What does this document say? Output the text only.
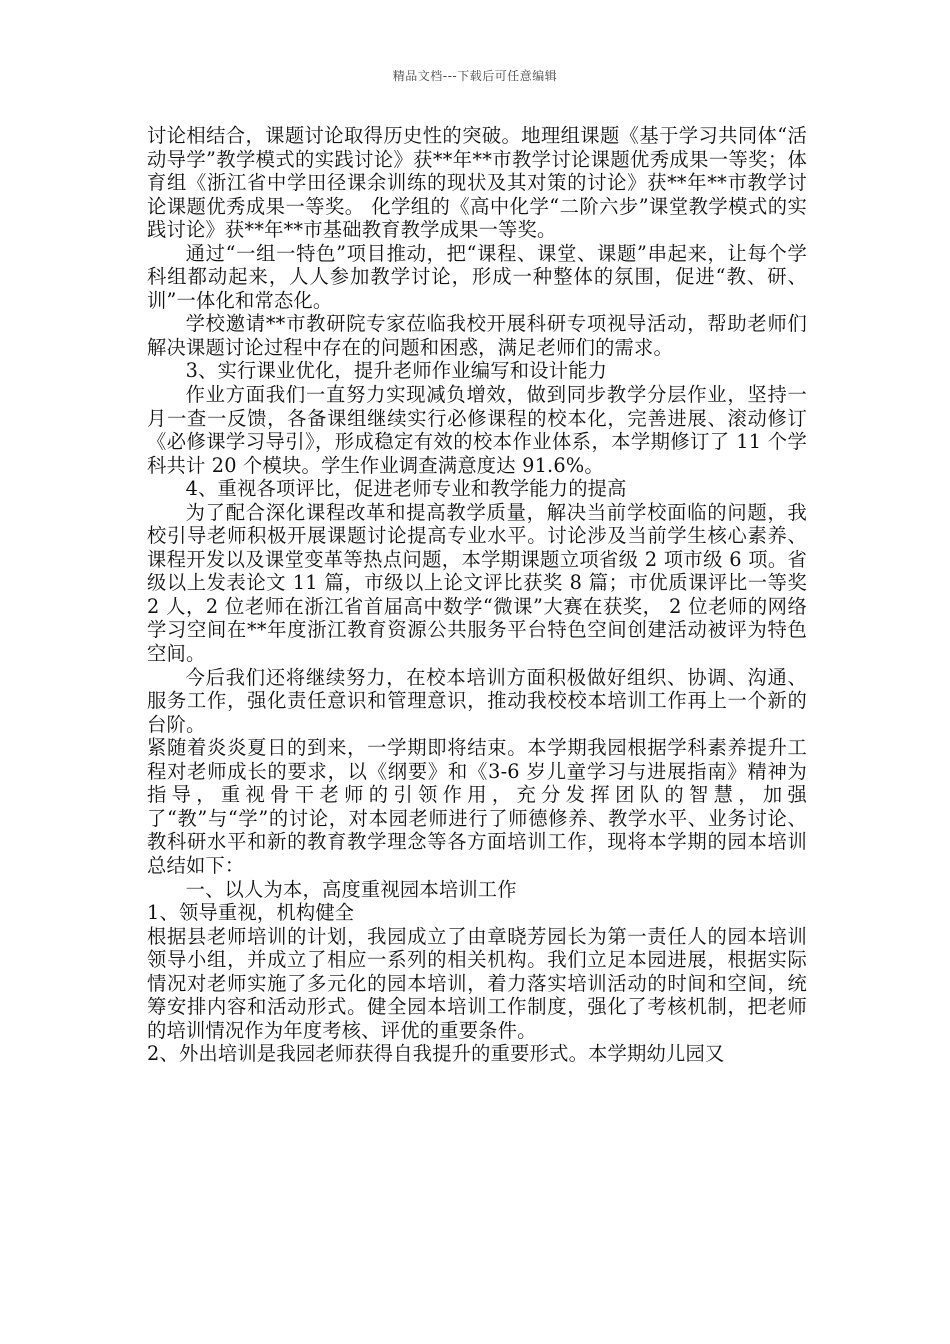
精品文档---下载后可任意编辑

讨论相结合，课题讨论取得历史性的突破。地理组课题《基于学习共同体“活动导学”教学模式的实践讨论》获**年**市教学讨论课题优秀成果一等奖；体育组《浙江省中学田径课余训练的现状及其对策的讨论》获**年**市教学讨论课题优秀成果一等奖。 化学组的《高中化学“二阶六步”课堂教学模式的实践讨论》获**年**市基础教育教学成果一等奖。

通过“一组一特色”项目推动，把“课程、课堂、课题”串起来，让每个学科组都动起来，人人参加教学讨论，形成一种整体的氛围，促进“教、研、训”一体化和常态化。

学校邀请**市教研院专家莅临我校开展科研专项视导活动，帮助老师们解决课题讨论过程中存在的问题和困惑，满足老师们的需求。

3、实行课业优化，提升老师作业编写和设计能力

作业方面我们一直努力实现减负增效，做到同步教学分层作业，坚持一月一查一反馈，各备课组继续实行必修课程的校本化，完善进展、滚动修订《必修课学习导引》，形成稳定有效的校本作业体系，本学期修订了 11 个学科共计 20 个模块。学生作业调查满意度达 91.6%。

4、重视各项评比，促进老师专业和教学能力的提高

为了配合深化课程改革和提高教学质量，解决当前学校面临的问题，我校引导老师积极开展课题讨论提高专业水平。讨论涉及当前学生核心素养、课程开发以及课堂变革等热点问题，本学期课题立项省级 2 项市级 6 项。省级以上发表论文 11 篇，市级以上论文评比获奖 8 篇；市优质课评比一等奖 2 人，2 位老师在浙江省首届高中数学“微课”大赛在获奖， 2 位老师的网络学习空间在**年度浙江教育资源公共服务平台特色空间创建活动被评为特色空间。

今后我们还将继续努力，在校本培训方面积极做好组织、协调、沟通、服务工作，强化责任意识和管理意识，推动我校校本培训工作再上一个新的台阶。

紧随着炎炎夏日的到来，一学期即将结束。本学期我园根据学科素养提升工程对老师成长的要求，以《纲要》和《3-6 岁儿童学习与进展指南》精神为指导，重视骨干老师的引领作用，充分发挥团队的智慧，加强了“教”与“学”的讨论，对本园老师进行了师德修养、教学水平、业务讨论、教科研水平和新的教育教学理念等各方面培训工作，现将本学期的园本培训总结如下：

一、以人为本，高度重视园本培训工作

1、领导重视，机构健全

根据县老师培训的计划，我园成立了由章晓芳园长为第一责任人的园本培训领导小组，并成立了相应一系列的相关机构。我们立足本园进展，根据实际情况对老师实施了多元化的园本培训，着力落实培训活动的时间和空间，统筹安排内容和活动形式。健全园本培训工作制度，强化了考核机制，把老师的培训情况作为年度考核、评优的重要条件。

2、外出培训是我园老师获得自我提升的重要形式。本学期幼儿园又
